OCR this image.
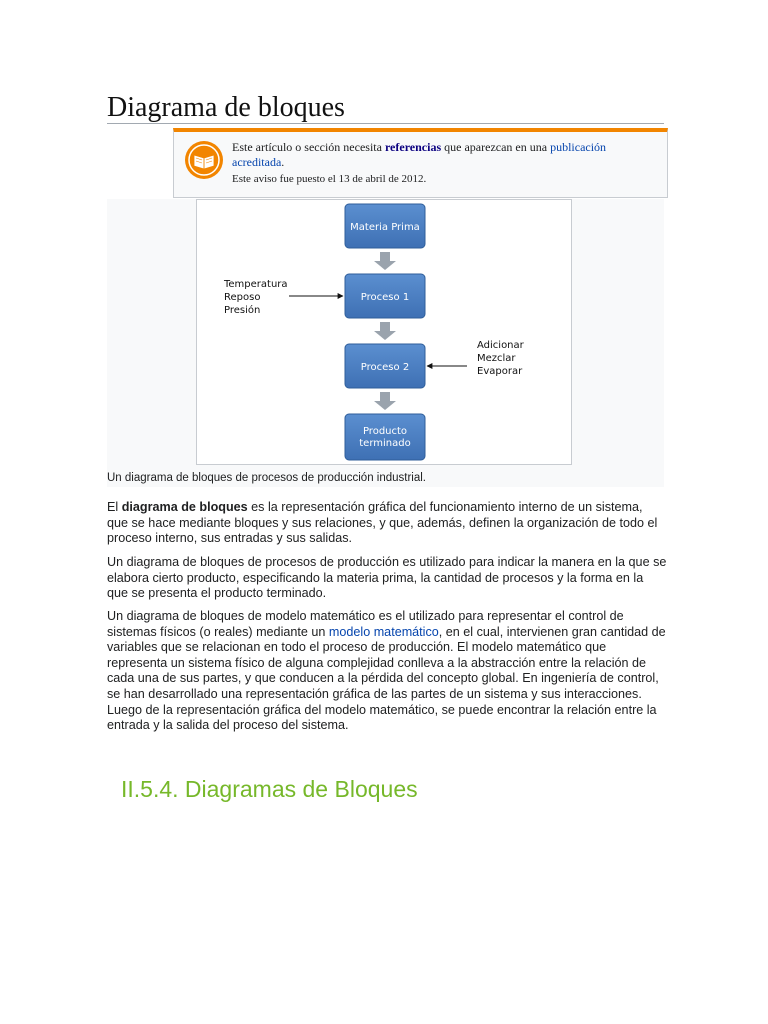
Diagrama de bloques
Este artículo o sección necesita referencias que aparezcan en una publicación acreditada.
Este aviso fue puesto el 13 de abril de 2012.
Materia Prima
Proceso 1
Proceso 2
Producto terminado
Temperatura
Reposo
Presión
Adicionar
Mezclar
Evaporar
Un diagrama de bloques de procesos de producción industrial.

El diagrama de bloques es la representación gráfica del funcionamiento interno de un sistema, que se hace mediante bloques y sus relaciones, y que, además, definen la organización de todo el proceso interno, sus entradas y sus salidas.

Un diagrama de bloques de procesos de producción es utilizado para indicar la manera en la que se elabora cierto producto, especificando la materia prima, la cantidad de procesos y la forma en la que se presenta el producto terminado.

Un diagrama de bloques de modelo matemático es el utilizado para representar el control de sistemas físicos (o reales) mediante un modelo matemático, en el cual, intervienen gran cantidad de variables que se relacionan en todo el proceso de producción. El modelo matemático que representa un sistema físico de alguna complejidad conlleva a la abstracción entre la relación de cada una de sus partes, y que conducen a la pérdida del concepto global. En ingeniería de control, se han desarrollado una representación gráfica de las partes de un sistema y sus interacciones. Luego de la representación gráfica del modelo matemático, se puede encontrar la relación entre la entrada y la salida del proceso del sistema.

II.5.4. Diagramas de Bloques
